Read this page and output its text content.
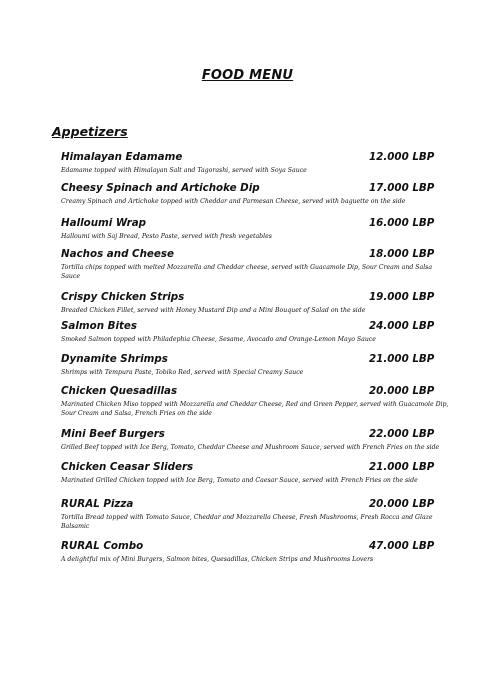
FOOD MENU
Appetizers
Himalayan Edamame	12.000 LBP
Edamame topped with Himalayan Salt and Tagorashi, served with Soya Sauce
Cheesy Spinach and Artichoke Dip	17.000 LBP
Creamy Spinach and Artichoke topped with Cheddar and Parmesan Cheese, served with baguette on the side
Halloumi Wrap	16.000 LBP
Halloumi with Saj Bread, Pesto Paste, served with fresh vegetables
Nachos and Cheese	18.000 LBP
Tortilla chips topped with melted Mozzarella and Cheddar cheese, served with Guacamole Dip, Sour Cream and Salsa Sauce
Crispy Chicken Strips	19.000 LBP
Breaded Chicken Fillet, served with Honey Mustard Dip and a Mini Bouquet of Salad on the side
Salmon Bites	24.000 LBP
Smoked Salmon topped with Philadephia Cheese, Sesame, Avocado and Orange-Lemon Mayo Sauce
Dynamite Shrimps	21.000 LBP
Shrimps with Tempura Paste, Tobiko Red, served with Special Creamy Sauce
Chicken Quesadillas	20.000 LBP
Marinated Chicken Miso topped with Mozzarella and Cheddar Cheese, Red and Green Pepper, served with Guacamole Dip, Sour Cream and Salsa, French Fries on the side
Mini Beef Burgers	22.000 LBP
Grilled Beef topped with Ice Berg, Tomato, Cheddar Cheese and Mushroom Sauce, served with French Fries on the side
Chicken Ceasar Sliders	21.000 LBP
Marinated Grilled Chicken topped with Ice Berg, Tomato and Caesar Sauce, served with French Fries on the side
RURAL Pizza	20.000 LBP
Tortilla Bread topped with Tomato Sauce, Cheddar and Mozzarella Cheese, Fresh Mushrooms, Fresh Rocca and Glaze Balsamic
RURAL Combo	47.000 LBP
A delightful mix of Mini Burgers, Salmon bites, Quesadillas, Chicken Strips and Mushrooms Lovers
